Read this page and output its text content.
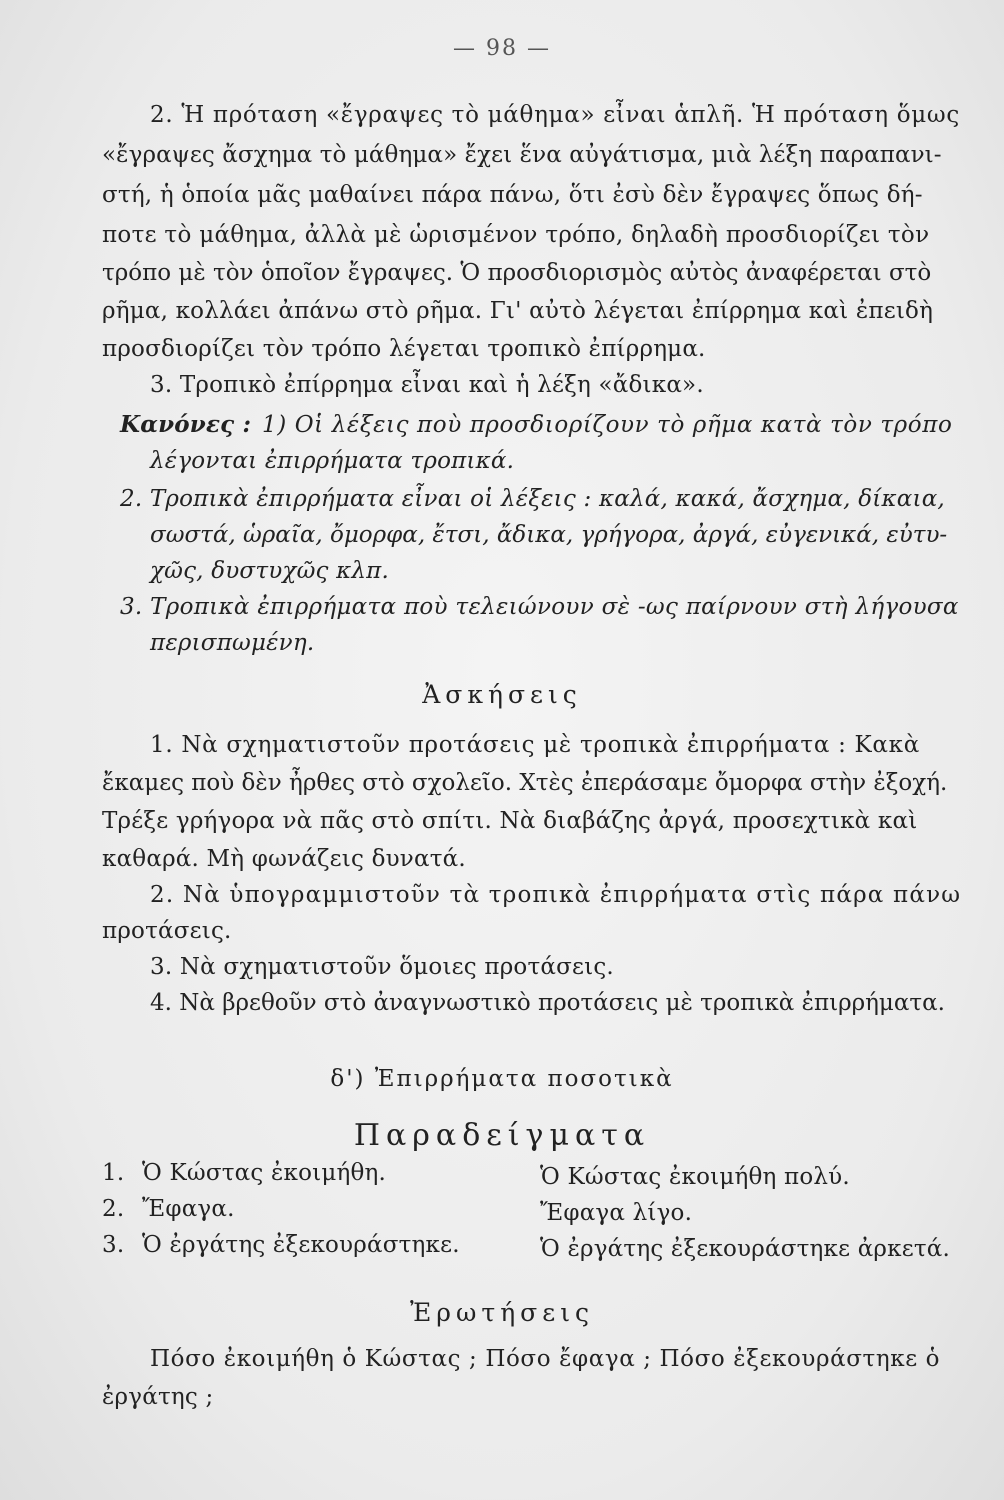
— 98 —
2. Ἡ πρόταση «ἔγραψες τὸ μάθημα» εἶναι ἁπλῆ. Ἡ πρόταση ὅμως
«ἔγραψες ἄσχημα τὸ μάθημα» ἔχει ἕνα αὐγάτισμα, μιὰ λέξη παραπανι-
στή, ἡ ὁποία μᾶς μαθαίνει πάρα πάνω, ὅτι ἐσὺ δὲν ἔγραψες ὅπως δή-
ποτε τὸ μάθημα, ἀλλὰ μὲ ὡρισμένον τρόπο, δηλαδὴ προσδιορίζει τὸν
τρόπο μὲ τὸν ὁποῖον ἔγραψες. Ὁ προσδιορισμὸς αὐτὸς ἀναφέρεται στὸ
ρῆμα, κολλάει ἀπάνω στὸ ρῆμα. Γι' αὐτὸ λέγεται ἐπίρρημα καὶ ἐπειδὴ
προσδιορίζει τὸν τρόπο λέγεται τροπικὸ ἐπίρρημα.
3. Τροπικὸ ἐπίρρημα εἶναι καὶ ἡ λέξη «ἄδικα».
Κανόνες : 1) Οἱ λέξεις ποὺ προσδιορίζουν τὸ ρῆμα κατὰ τὸν τρόπο
λέγονται ἐπιρρήματα τροπικά.
2. Τροπικὰ ἐπιρρήματα εἶναι οἱ λέξεις : καλά, κακά, ἄσχημα, δίκαια,
σωστά, ὡραῖα, ὄμορφα, ἔτσι, ἄδικα, γρήγορα, ἀργά, εὐγενικά, εὐτυ-
χῶς, δυστυχῶς κλπ.
3. Τροπικὰ ἐπιρρήματα ποὺ τελειώνουν σὲ -ως παίρνουν στὴ λήγουσα
περισπωμένη.
Ἀσκήσεις
1. Νὰ σχηματιστοῦν προτάσεις μὲ τροπικὰ ἐπιρρήματα : Κακὰ
ἔκαμες ποὺ δὲν ἦρθες στὸ σχολεῖο. Χτὲς ἐπεράσαμε ὄμορφα στὴν ἐξοχή.
Τρέξε γρήγορα νὰ πᾶς στὸ σπίτι. Νὰ διαβάζης ἀργά, προσεχτικὰ καὶ
καθαρά. Μὴ φωνάζεις δυνατά.
2. Νὰ ὑπογραμμιστοῦν τὰ τροπικὰ ἐπιρρήματα στὶς πάρα πάνω
προτάσεις.
3. Νὰ σχηματιστοῦν ὅμοιες προτάσεις.
4. Νὰ βρεθοῦν στὸ ἀναγνωστικὸ προτάσεις μὲ τροπικὰ ἐπιρρήματα.
δ') Ἐπιρρήματα ποσοτικὰ
Παραδείγματα
1. Ὁ Κώστας ἐκοιμήθη.	Ὁ Κώστας ἐκοιμήθη πολύ.
2. Ἔφαγα.	Ἔφαγα λίγο.
3. Ὁ ἐργάτης ἐξεκουράστηκε.	Ὁ ἐργάτης ἐξεκουράστηκε ἀρκετά.
Ἐρωτήσεις
Πόσο ἐκοιμήθη ὁ Κώστας ; Πόσο ἔφαγα ; Πόσο ἐξεκουράστηκε ὁ
ἐργάτης ;
